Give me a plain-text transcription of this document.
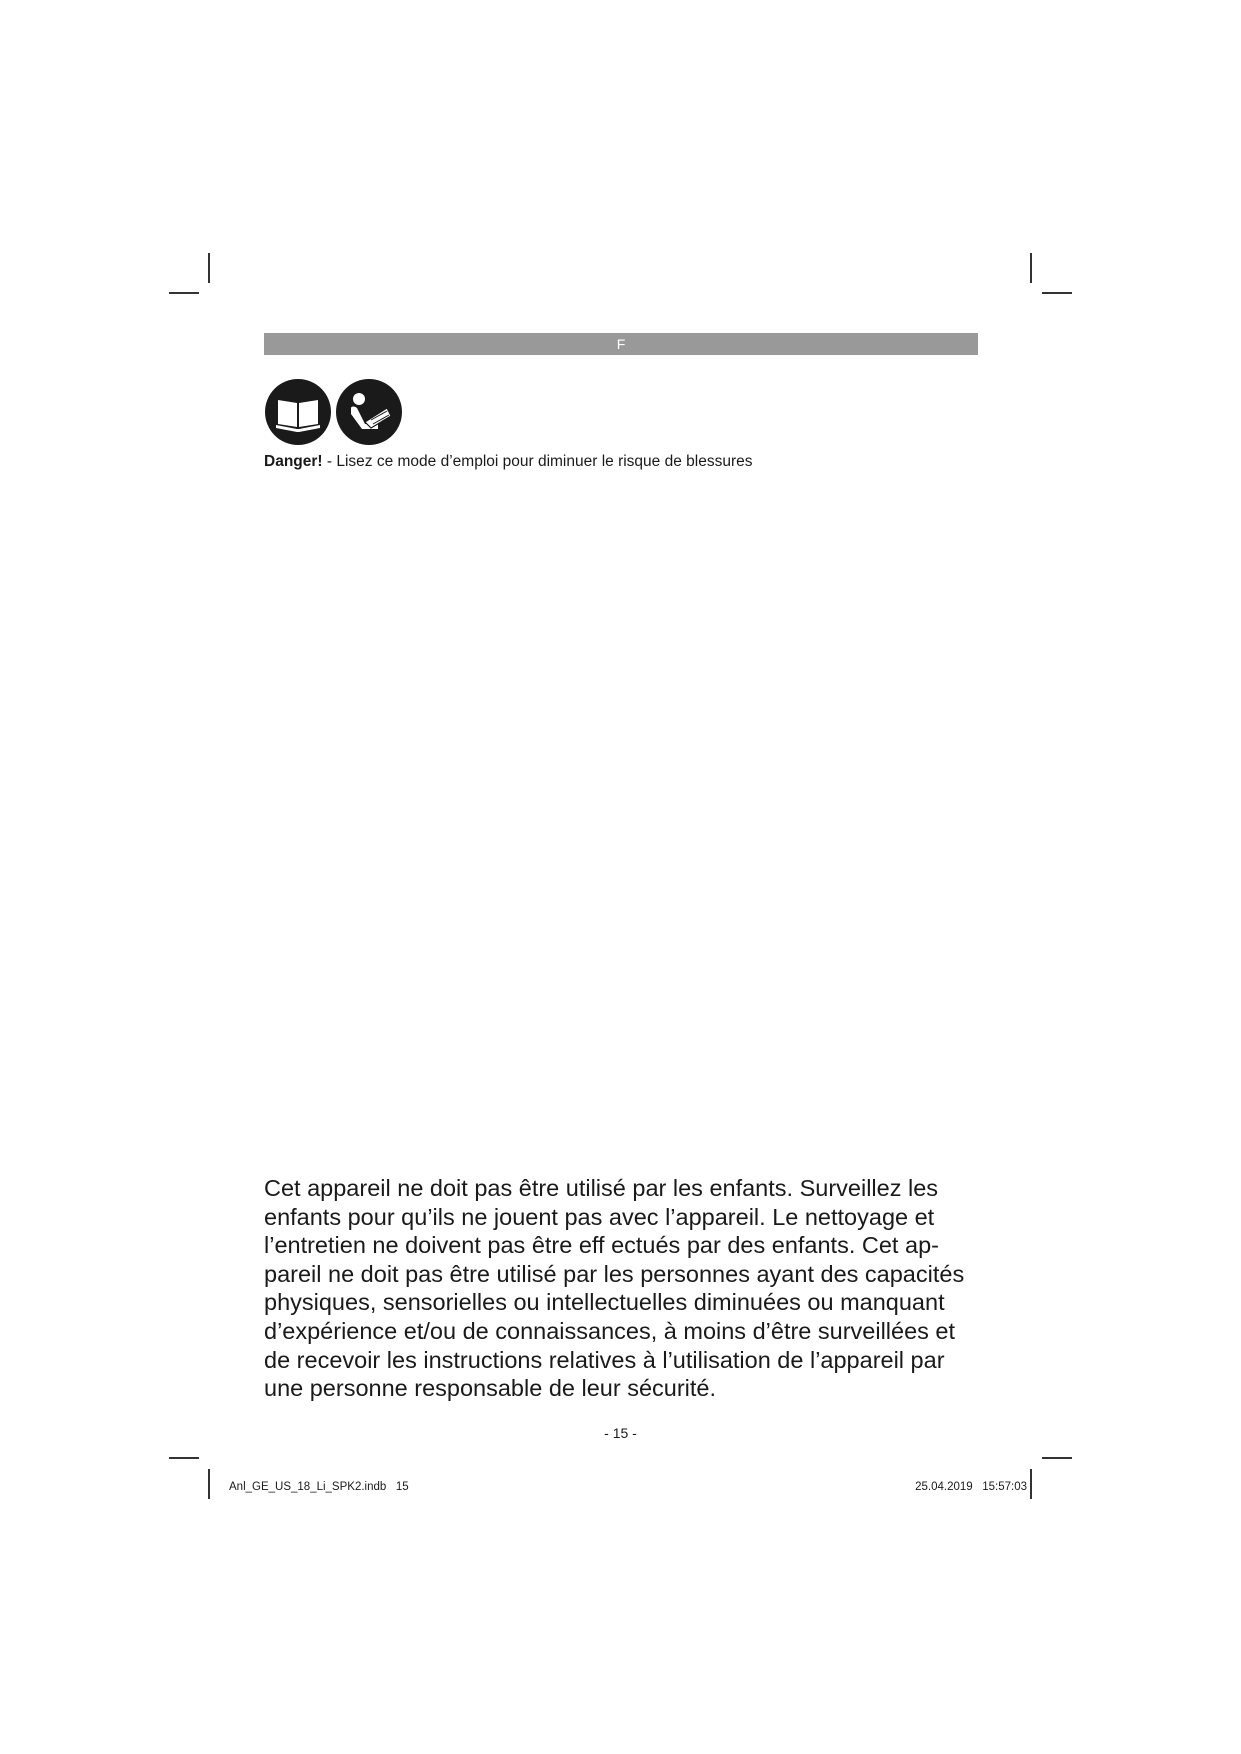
F
Danger! - Lisez ce mode d’emploi pour diminuer le risque de blessures
Cet appareil ne doit pas être utilisé par les enfants. Surveillez les
enfants pour qu’ils ne jouent pas avec l’appareil. Le nettoyage et
l’entretien ne doivent pas être eff ectués par des enfants. Cet ap-
pareil ne doit pas être utilisé par les personnes ayant des capacités
physiques, sensorielles ou intellectuelles diminuées ou manquant
d’expérience et/ou de connaissances, à moins d’être surveillées et
de recevoir les instructions relatives à l’utilisation de l’appareil par
une personne responsable de leur sécurité.
- 15 -
Anl_GE_US_18_Li_SPK2.indb   15	25.04.2019   15:57:03
